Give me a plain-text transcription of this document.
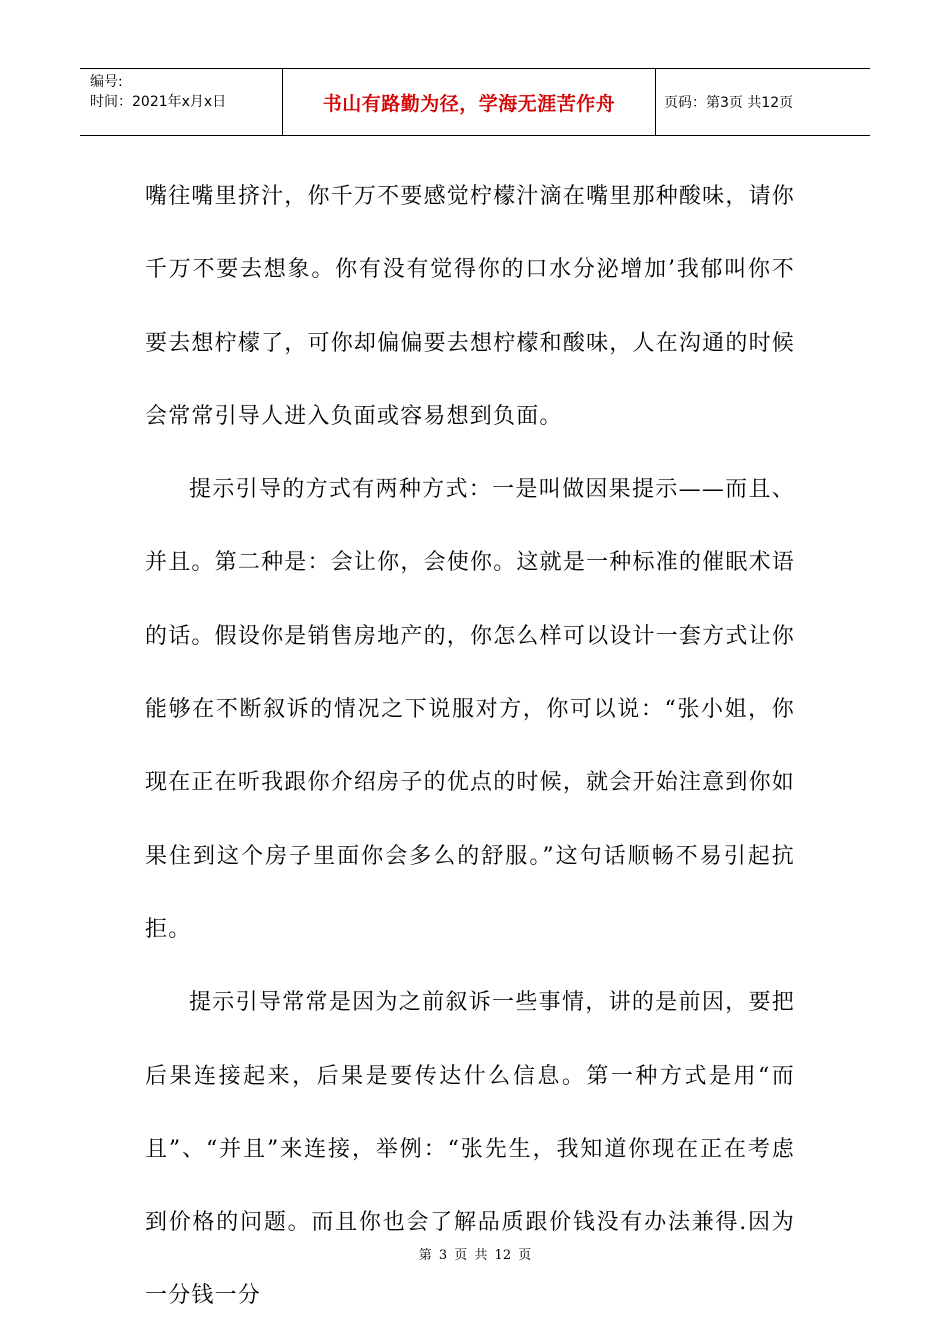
编号:
时间：2021年x月x日	书山有路勤为径，学海无涯苦作舟	页码：第3页 共12页

嘴往嘴里挤汁，你千万不要感觉柠檬汁滴在嘴里那种酸味，请你千万不要去想象。你有没有觉得你的口水分泌增加’我郁叫你不要去想柠檬了，可你却偏偏要去想柠檬和酸味，人在沟通的时候会常常引导人进入负面或容易想到负面。

提示引导的方式有两种方式：一是叫做因果提示——而且、并且。第二种是：会让你，会使你。这就是一种标准的催眠术语的话。假设你是销售房地产的，你怎么样可以设计一套方式让你能够在不断叙诉的情况之下说服对方，你可以说：“张小姐，你现在正在听我跟你介绍房子的优点的时候，就会开始注意到你如果住到这个房子里面你会多么的舒服。”这句话顺畅不易引起抗拒。

提示引导常常是因为之前叙诉一些事情，讲的是前因，要把后果连接起来，后果是要传达什么信息。第一种方式是用“而且”、“并且”来连接，举例：“张先生，我知道你现在正在考虑到价格的问题。而且你也会了解品质跟价钱没有办法兼得.因为一分钱一分

第 3 页 共 12 页
